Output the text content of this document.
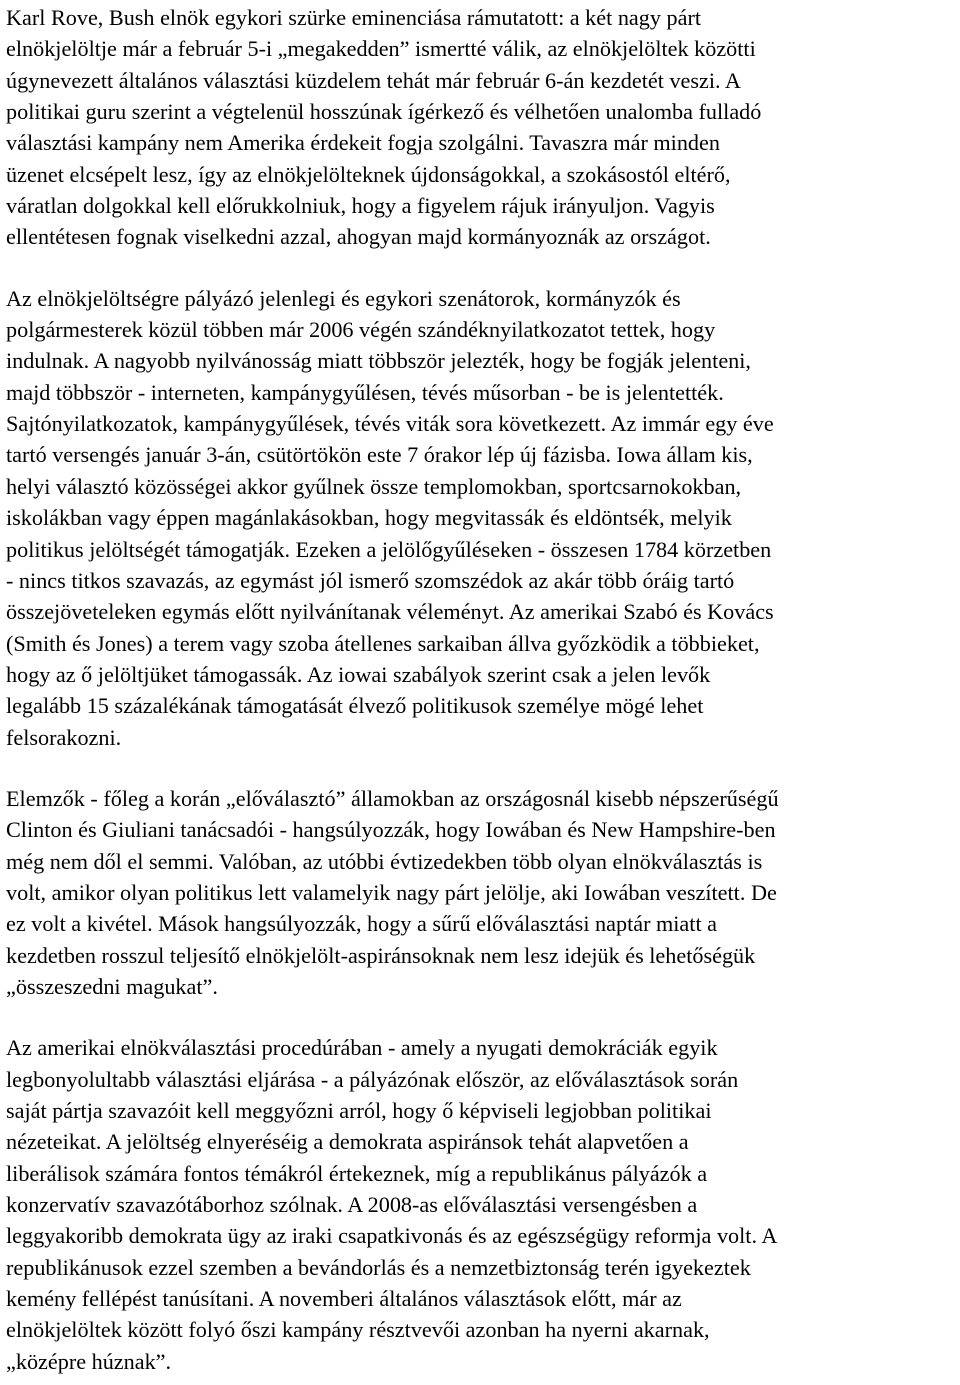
Karl Rove, Bush elnök egykori szürke eminenciása rámutatott: a két nagy párt
elnökjelöltje már a február 5-i „megakedden” ismertté válik, az elnökjelöltek közötti
úgynevezett általános választási küzdelem tehát már február 6-án kezdetét veszi. A
politikai guru szerint a végtelenül hosszúnak ígérkező és vélhetően unalomba fulladó
választási kampány nem Amerika érdekeit fogja szolgálni. Tavaszra már minden
üzenet elcsépelt lesz, így az elnökjelölteknek újdonságokkal, a szokásostól eltérő,
váratlan dolgokkal kell előrukkolniuk, hogy a figyelem rájuk irányuljon. Vagyis
ellentétesen fognak viselkedni azzal, ahogyan majd kormányoznák az országot.

Az elnökjelöltségre pályázó jelenlegi és egykori szenátorok, kormányzók és
polgármesterek közül többen már 2006 végén szándéknyilatkozatot tettek, hogy
indulnak. A nagyobb nyilvánosság miatt többször jelezték, hogy be fogják jelenteni,
majd többször - interneten, kampánygyűlésen, tévés műsorban - be is jelentették.
Sajtónyilatkozatok, kampánygyűlések, tévés viták sora következett. Az immár egy éve
tartó versengés január 3-án, csütörtökön este 7 órakor lép új fázisba. Iowa állam kis,
helyi választó közösségei akkor gyűlnek össze templomokban, sportcsarnokokban,
iskolákban vagy éppen magánlakásokban, hogy megvitassák és eldöntsék, melyik
politikus jelöltségét támogatják. Ezeken a jelölőgyűléseken - összesen 1784 körzetben
- nincs titkos szavazás, az egymást jól ismerő szomszédok az akár több óráig tartó
összejöveteleken egymás előtt nyilvánítanak véleményt. Az amerikai Szabó és Kovács
(Smith és Jones) a terem vagy szoba átellenes sarkaiban állva győzködik a többieket,
hogy az ő jelöltjüket támogassák. Az iowai szabályok szerint csak a jelen levők
legalább 15 százalékának támogatását élvező politikusok személye mögé lehet
felsorakozni.

Elemzők - főleg a korán „előválasztó” államokban az országosnál kisebb népszerűségű
Clinton és Giuliani tanácsadói - hangsúlyozzák, hogy Iowában és New Hampshire-ben
még nem dől el semmi. Valóban, az utóbbi évtizedekben több olyan elnökválasztás is
volt, amikor olyan politikus lett valamelyik nagy párt jelölje, aki Iowában veszített. De
ez volt a kivétel. Mások hangsúlyozzák, hogy a sűrű előválasztási naptár miatt a
kezdetben rosszul teljesítő elnökjelölt-aspiránsoknak nem lesz idejük és lehetőségük
„összeszedni magukat”.

Az amerikai elnökválasztási procedúrában - amely a nyugati demokráciák egyik
legbonyolultabb választási eljárása - a pályázónak először, az előválasztások során
saját pártja szavazóit kell meggyőzni arról, hogy ő képviseli legjobban politikai
nézeteikat. A jelöltség elnyeréséig a demokrata aspiránsok tehát alapvetően a
liberálisok számára fontos témákról értekeznek, míg a republikánus pályázók a
konzervatív szavazótáborhoz szólnak. A 2008-as előválasztási versengésben a
leggyakoribb demokrata ügy az iraki csapatkivonás és az egészségügy reformja volt. A
republikánusok ezzel szemben a bevándorlás és a nemzetbiztonság terén igyekeztek
kemény fellépést tanúsítani. A novemberi általános választások előtt, már az
elnökjelöltek között folyó őszi kampány résztvevői azonban ha nyerni akarnak,
„középre húznak”.
